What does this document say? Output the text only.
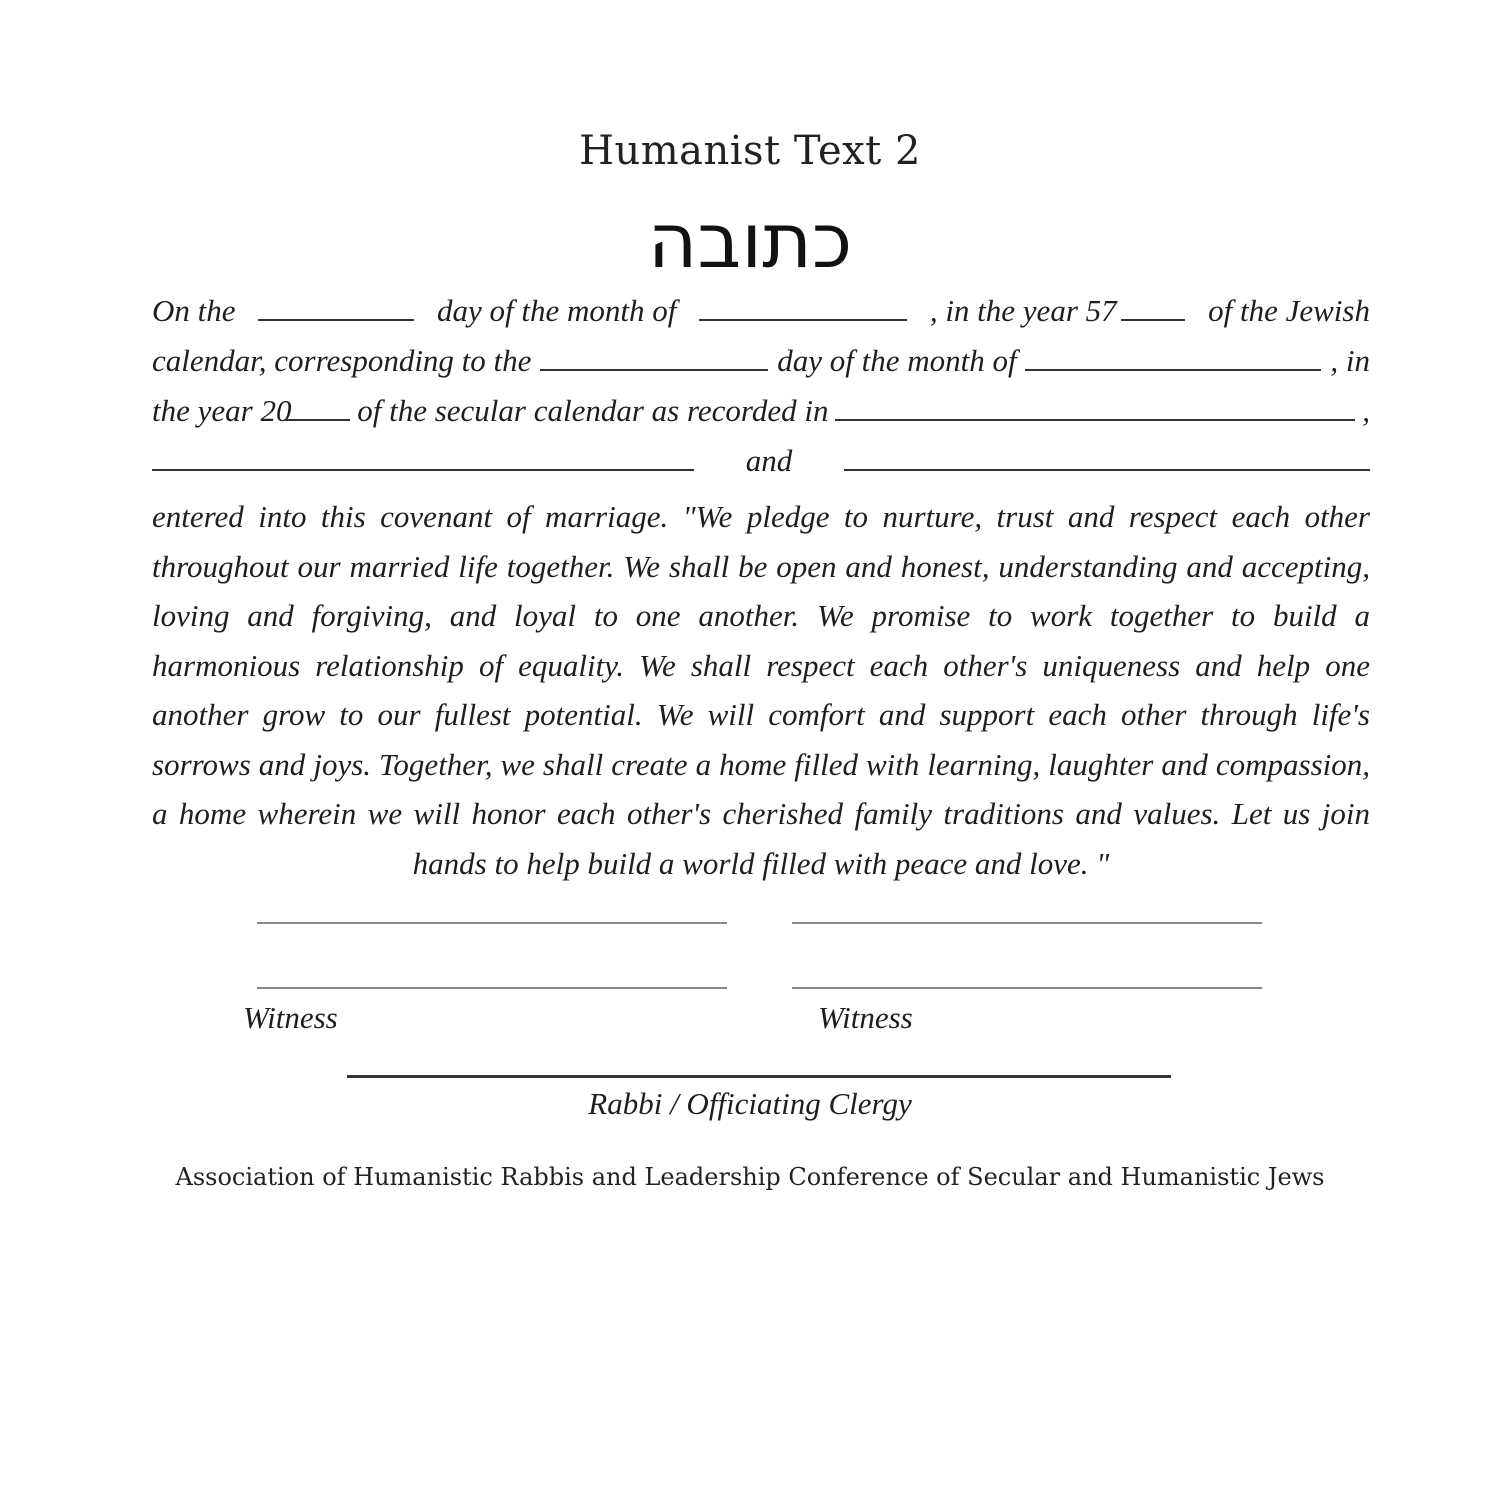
Humanist Text 2
כתובה
On the	day of the month of	, in the year 57	of the Jewish
calendar, corresponding to the	day of the month of	, in
the year 20 of the secular calendar as recorded in	,
and
entered into this covenant of marriage. "We pledge to nurture, trust and respect each other throughout our married life together. We shall be open and honest, understanding and accepting, loving and forgiving, and loyal to one another. We promise to work together to build a harmonious relationship of equality. We shall respect each other's uniqueness and help one another grow to our fullest potential. We will comfort and support each other through life's sorrows and joys. Together, we shall create a home filled with learning, laughter and compassion, a home wherein we will honor each other's cherished family traditions and values. Let us join hands to help build a world filled with peace and love. "
Witness	Witness
Rabbi / Officiating Clergy
Association of Humanistic Rabbis and Leadership Conference of Secular and Humanistic Jews
